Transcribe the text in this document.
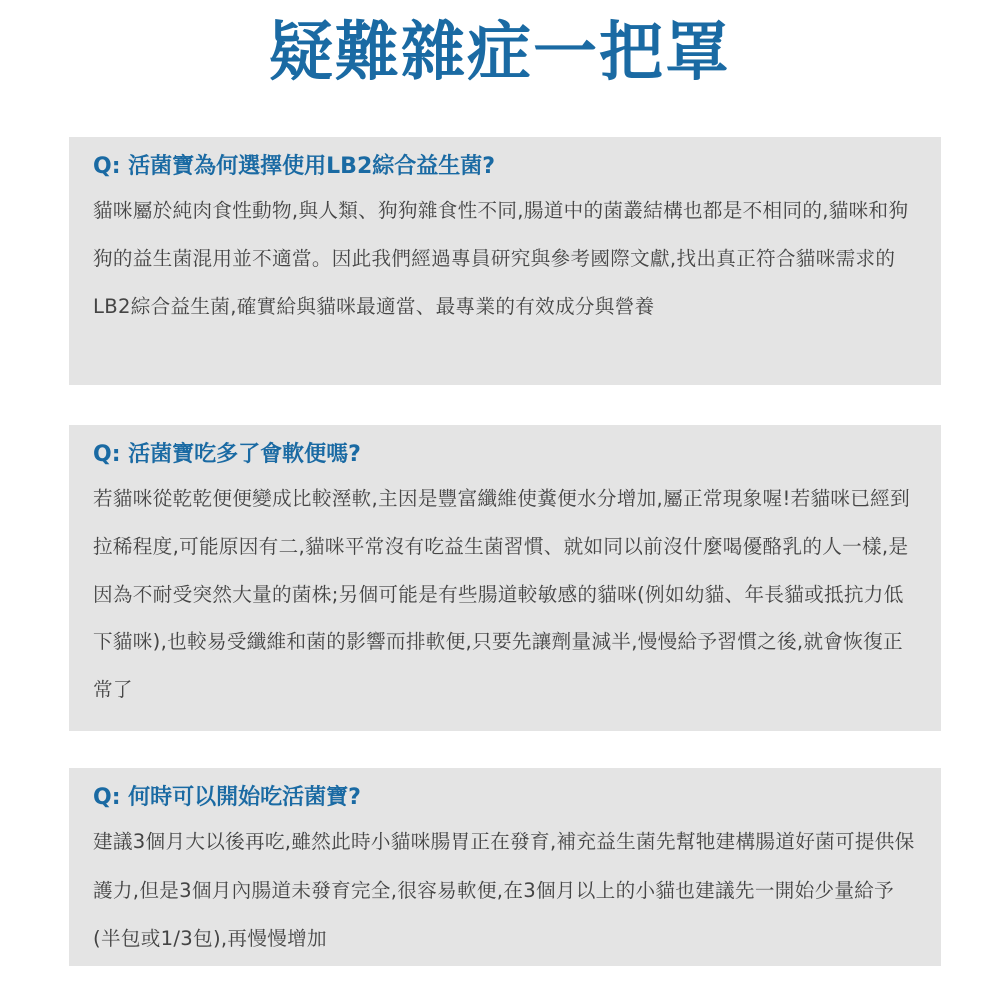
疑難雜症一把罩
Q: 活菌寶為何選擇使用LB2綜合益生菌?

貓咪屬於純肉食性動物,與人類、狗狗雜食性不同,腸道中的菌叢結構也都是不相同的,貓咪和狗狗的益生菌混用並不適當。因此我們經過專員研究與參考國際文獻,找出真正符合貓咪需求的LB2綜合益生菌,確實給與貓咪最適當、最專業的有效成分與營養

Q: 活菌寶吃多了會軟便嗎?

若貓咪從乾乾便便變成比較溼軟,主因是豐富纖維使糞便水分增加,屬正常現象喔!若貓咪已經到拉稀程度,可能原因有二,貓咪平常沒有吃益生菌習慣、就如同以前沒什麼喝優酪乳的人一樣,是因為不耐受突然大量的菌株;另個可能是有些腸道較敏感的貓咪(例如幼貓、年長貓或抵抗力低下貓咪),也較易受纖維和菌的影響而排軟便,只要先讓劑量減半,慢慢給予習慣之後,就會恢復正常了

Q: 何時可以開始吃活菌寶?

建議3個月大以後再吃,雖然此時小貓咪腸胃正在發育,補充益生菌先幫牠建構腸道好菌可提供保護力,但是3個月內腸道未發育完全,很容易軟便,在3個月以上的小貓也建議先一開始少量給予(半包或1/3包),再慢慢增加
